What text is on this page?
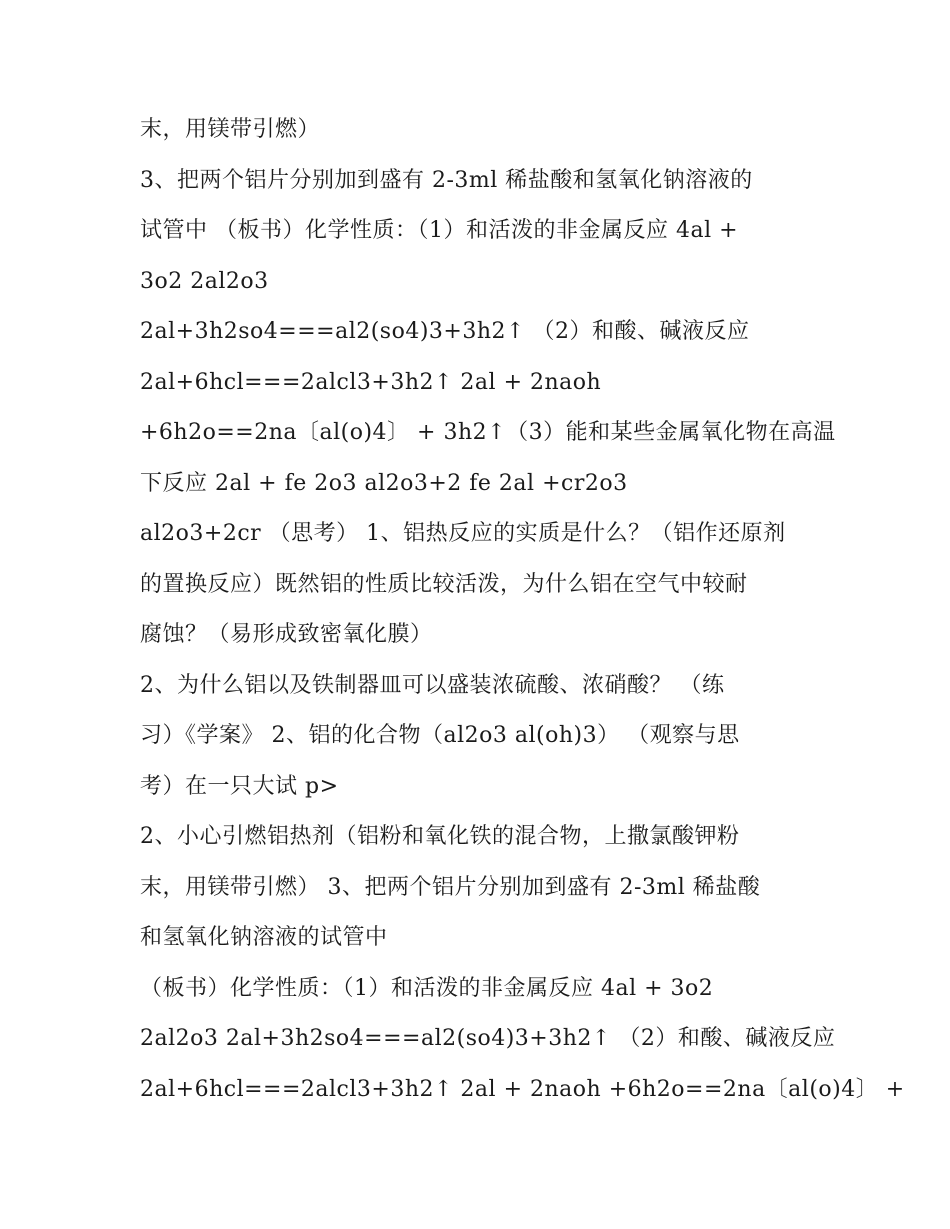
末，用镁带引燃）
3、把两个铝片分别加到盛有 2-3ml 稀盐酸和氢氧化钠溶液的
试管中 （板书）化学性质：（1）和活泼的非金属反应 4al +
3o2 2al2o3
2al+3h2so4===al2(so4)3+3h2↑ （2）和酸、碱液反应
2al+6hcl===2alcl3+3h2↑ 2al + 2naoh
+6h2o==2na〔al(o)4〕 + 3h2↑（3）能和某些金属氧化物在高温
下反应 2al + fe 2o3 al2o3+2 fe 2al +cr2o3
al2o3+2cr （思考） 1、铝热反应的实质是什么？（铝作还原剂
的置换反应）既然铝的性质比较活泼，为什么铝在空气中较耐
腐蚀？（易形成致密氧化膜）
2、为什么铝以及铁制器皿可以盛装浓硫酸、浓硝酸？ （练
习）《学案》 2、铝的化合物（al2o3 al(oh)3） （观察与思
考）在一只大试 p>
2、小心引燃铝热剂（铝粉和氧化铁的混合物，上撒氯酸钾粉
末，用镁带引燃） 3、把两个铝片分别加到盛有 2-3ml 稀盐酸
和氢氧化钠溶液的试管中
（板书）化学性质：（1）和活泼的非金属反应 4al + 3o2
2al2o3 2al+3h2so4===al2(so4)3+3h2↑ （2）和酸、碱液反应
2al+6hcl===2alcl3+3h2↑ 2al + 2naoh +6h2o==2na〔al(o)4〕 +
